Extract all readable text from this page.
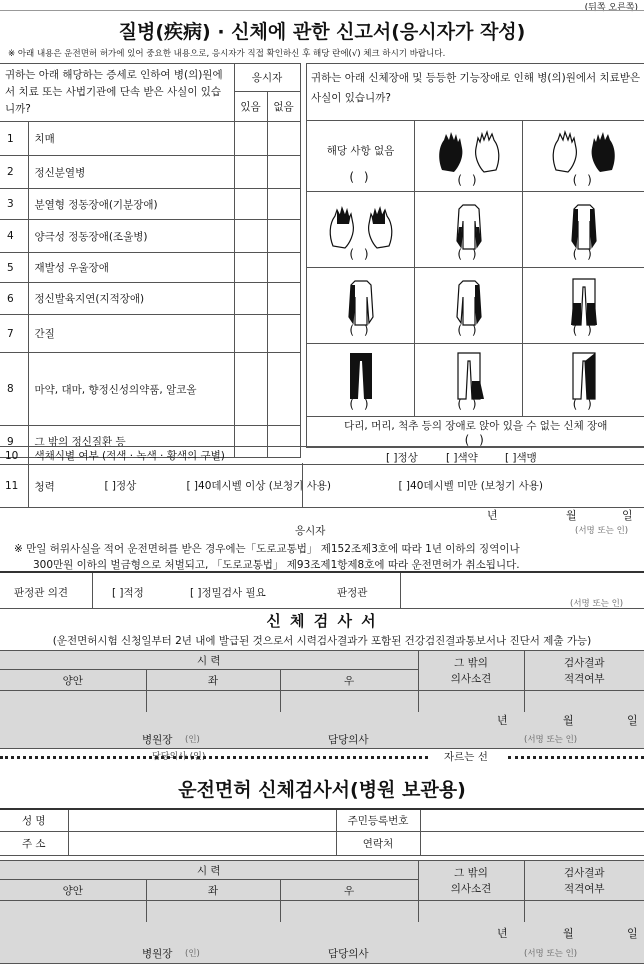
(뒤쪽 오른쪽)
질병(疾病) · 신체에 관한 신고서(응시자가 작성)
※ 아래 내용은 운전면허 허가에 있어 중요한 내용으로, 응시자가 직접 확인하신 후 해당 란에(√) 체크 하시기 바랍니다.
귀하는 아래 해당하는 증세로 인하여 병(의)원에서 치료 또는 사법기관에 단속 받은 사실이 있습니까?		응시자	
		있음	없음
1	치매		
2	정신분열병		
3	분열형 정동장애(기분장애)		
4	양극성 정동장애(조울병)		
5	재발성 우울장애		
6	정신발육지연(지적장애)		
7	간질		
8	마약, 대마, 향정신성의약품, 알코올		
9	그 밖의 정신질환 등		
귀하는 아래 신체장애 및 등등한 기능장애로 인해 병(의)원에서 치료받은 사실이 있습니까?		

해당 사항 없음
( )	( )	( )

( )	( )	( )

( )	( )	( )

( )	( )	( )

다리, 머리, 척추 등의 장애로 앉아 있을 수 없는 신체 장애
( )		
10	색채식별 여부 (적색 · 녹색 · 황색의 구별) [ ]정상 [ ]색약 [ ]색맹

11	청력 [ ]정상 [ ]40데시벨 이상 (보청기 사용) [ ]40데시벨 미만 (보청기 사용)
년	월	일
응시자	(서명 또는 인)
※ 만일 허위사실을 적어 운전면허를 받은 경우에는「도로교통법」 제152조제3호에 따라 1년 이하의 징역이나
300만원 이하의 벌금형으로 처벌되고, 「도로교통법」 제93조제1항제8호에 따라 운전면허가 취소됩니다.
판정관 의견	[ ]적정	[ ]정밀검사 필요	판정관
(서명 또는 인)
신 체 검 사 서
(운전면허시험 신청일부터 2년 내에 발급된 것으로서 시력검사결과가 포함된 건강검진결과통보서나 진단서 제출 가능)
시 력			그 밖의
의사소견	검사결과
적격여부
양안	좌	우		

년	월	일
병원장 (인)	담당의사	(서명 또는 인)
담당의사 (인)	자르는 선
운전면허 신체검사서(병원 보관용)
성 명		주민등록번호	
주 소		연락처	
시 력			그 밖의
의사소견	검사결과
적격여부
양안	좌	우		

년	월	일
병원장 (인)	담당의사	(서명 또는 인)
